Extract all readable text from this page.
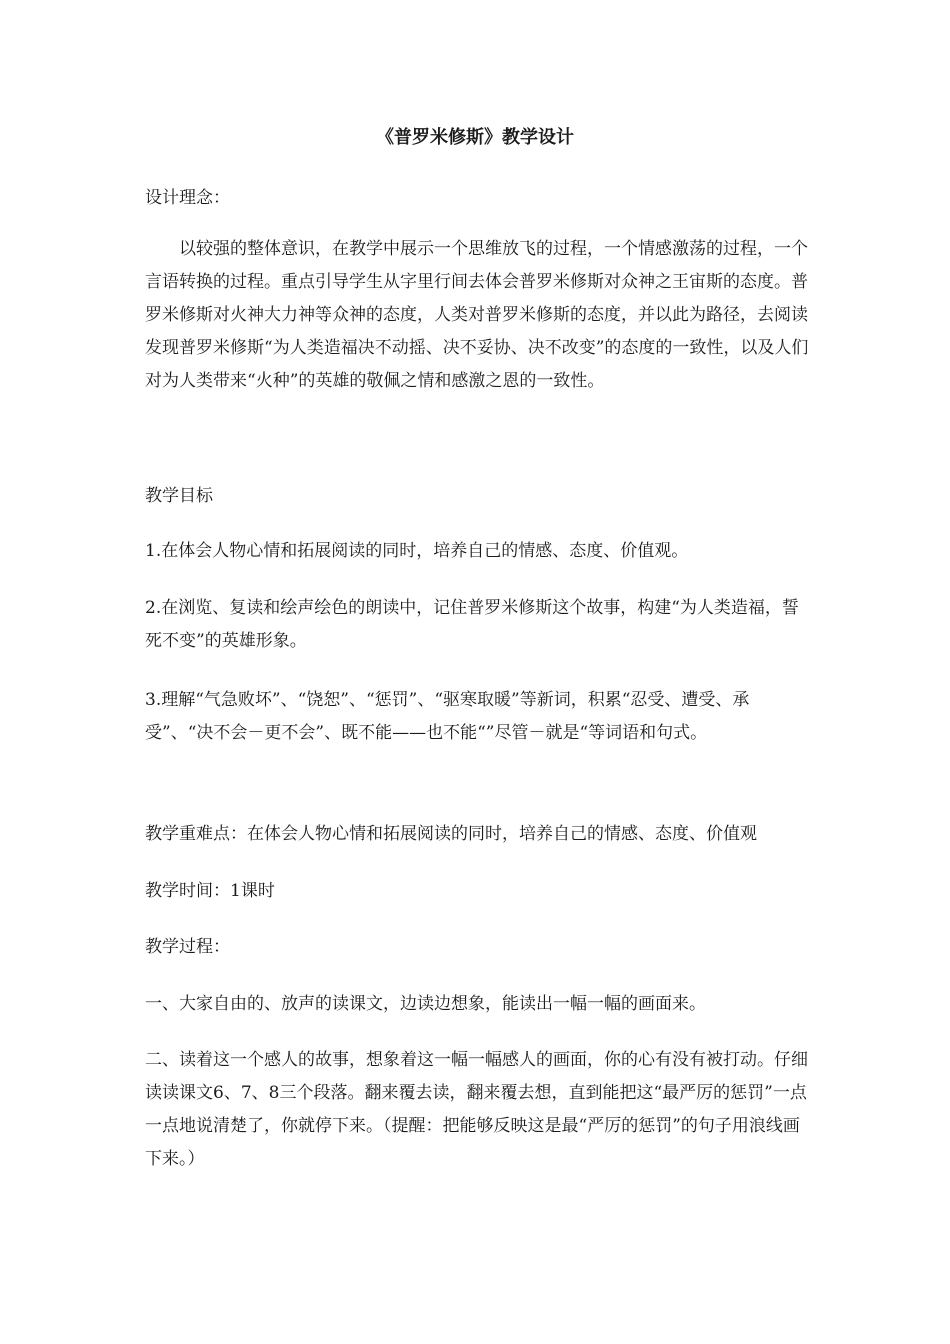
《普罗米修斯》教学设计

设计理念：

以较强的整体意识，在教学中展示一个思维放飞的过程，一个情感激荡的过程，一个言语转换的过程。重点引导学生从字里行间去体会普罗米修斯对众神之王宙斯的态度。普罗米修斯对火神大力神等众神的态度，人类对普罗米修斯的态度，并以此为路径，去阅读发现普罗米修斯“为人类造福决不动摇、决不妥协、决不改变”的态度的一致性，以及人们对为人类带来“火种”的英雄的敬佩之情和感激之恩的一致性。

教学目标

1.在体会人物心情和拓展阅读的同时，培养自己的情感、态度、价值观。

2.在浏览、复读和绘声绘色的朗读中，记住普罗米修斯这个故事，构建“为人类造福，誓死不变”的英雄形象。

3.理解“气急败坏”、“饶恕”、“惩罚”、“驱寒取暖”等新词，积累“忍受、遭受、承受”、“决不会－更不会”、既不能——也不能“”尽管－就是“等词语和句式。

教学重难点：在体会人物心情和拓展阅读的同时，培养自己的情感、态度、价值观

教学时间：1课时

教学过程：

一、大家自由的、放声的读课文，边读边想象，能读出一幅一幅的画面来。

二、读着这一个感人的故事，想象着这一幅一幅感人的画面，你的心有没有被打动。仔细读读课文6、7、8三个段落。翻来覆去读，翻来覆去想，直到能把这“最严厉的惩罚”一点一点地说清楚了，你就停下来。（提醒：把能够反映这是最“严厉的惩罚”的句子用浪线画下来。）
